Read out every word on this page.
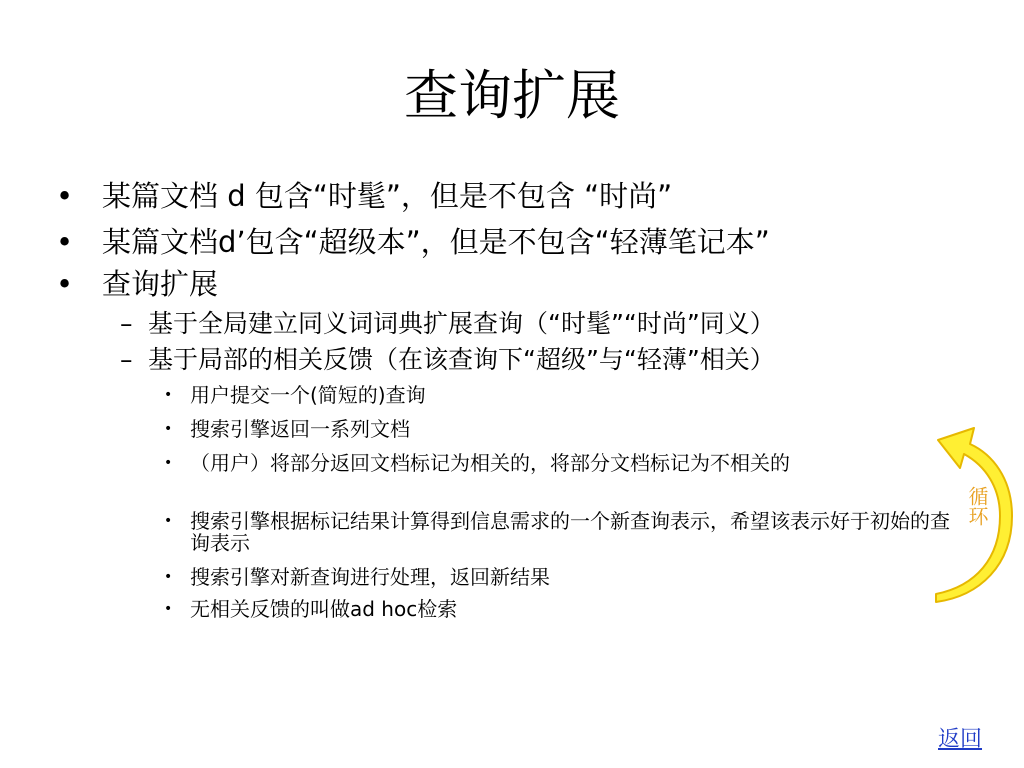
查询扩展
• 某篇文档 d 包含“时髦”，但是不包含 “时尚”
• 某篇文档d’包含“超级本”，但是不包含“轻薄笔记本”
• 查询扩展
– 基于全局建立同义词词典扩展查询（“时髦”“时尚”同义）
– 基于局部的相关反馈（在该查询下“超级”与“轻薄”相关）
• 用户提交一个(简短的)查询
• 搜索引擎返回一系列文档
• （用户）将部分返回文档标记为相关的，将部分文档标记为不相关的
• 搜索引擎根据标记结果计算得到信息需求的一个新查询表示，希望该表示好于初始的查询表示
• 搜索引擎对新查询进行处理，返回新结果
• 无相关反馈的叫做ad hoc检索
循环
返回
